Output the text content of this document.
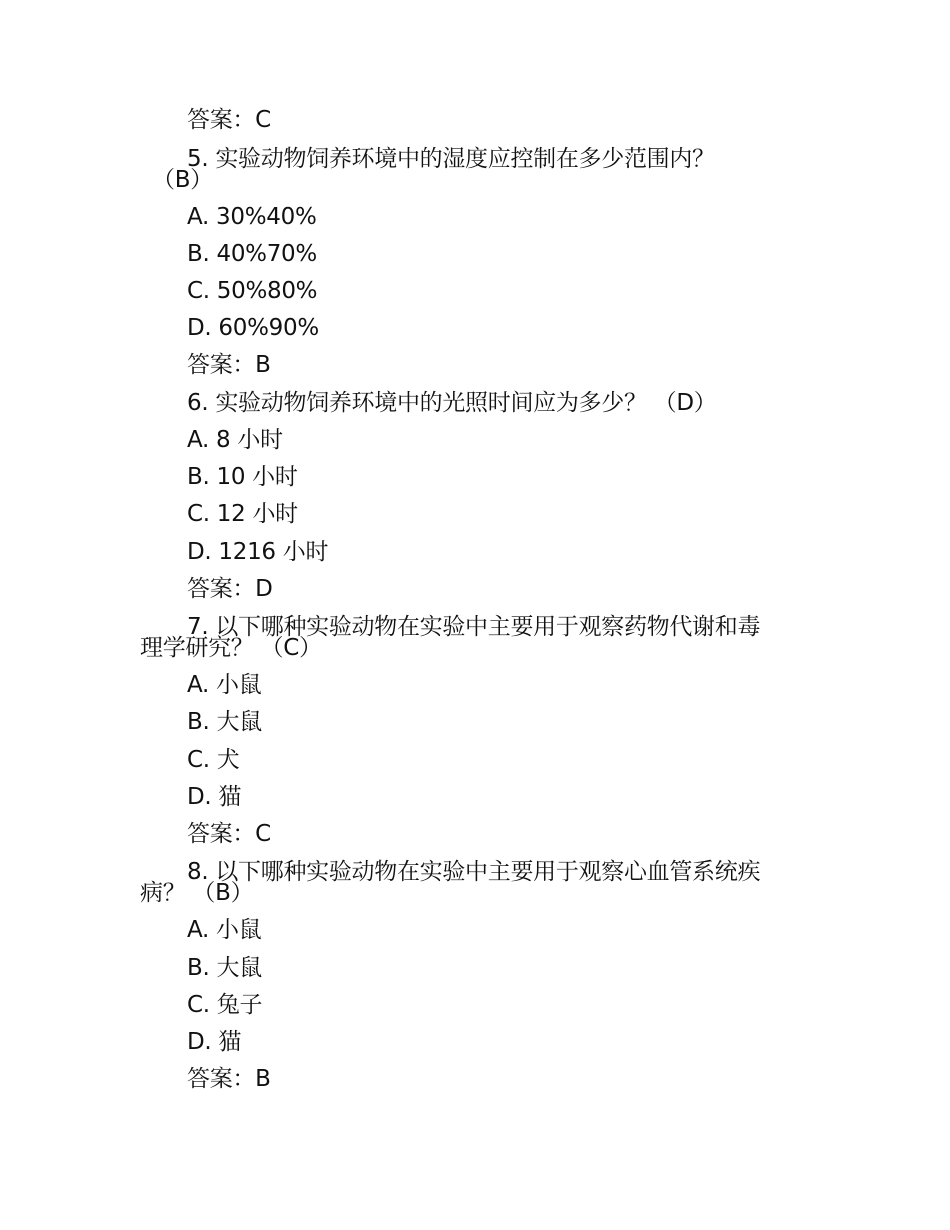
答案：C
5. 实验动物饲养环境中的湿度应控制在多少范围内？
（B）
A. 30%40%
B. 40%70%
C. 50%80%
D. 60%90%
答案：B
6. 实验动物饲养环境中的光照时间应为多少？ （D）
A. 8 小时
B. 10 小时
C. 12 小时
D. 1216 小时
答案：D
7. 以下哪种实验动物在实验中主要用于观察药物代谢和毒
理学研究？ （C）
A. 小鼠
B. 大鼠
C. 犬
D. 猫
答案：C
8. 以下哪种实验动物在实验中主要用于观察心血管系统疾
病？ （B）
A. 小鼠
B. 大鼠
C. 兔子
D. 猫
答案：B
